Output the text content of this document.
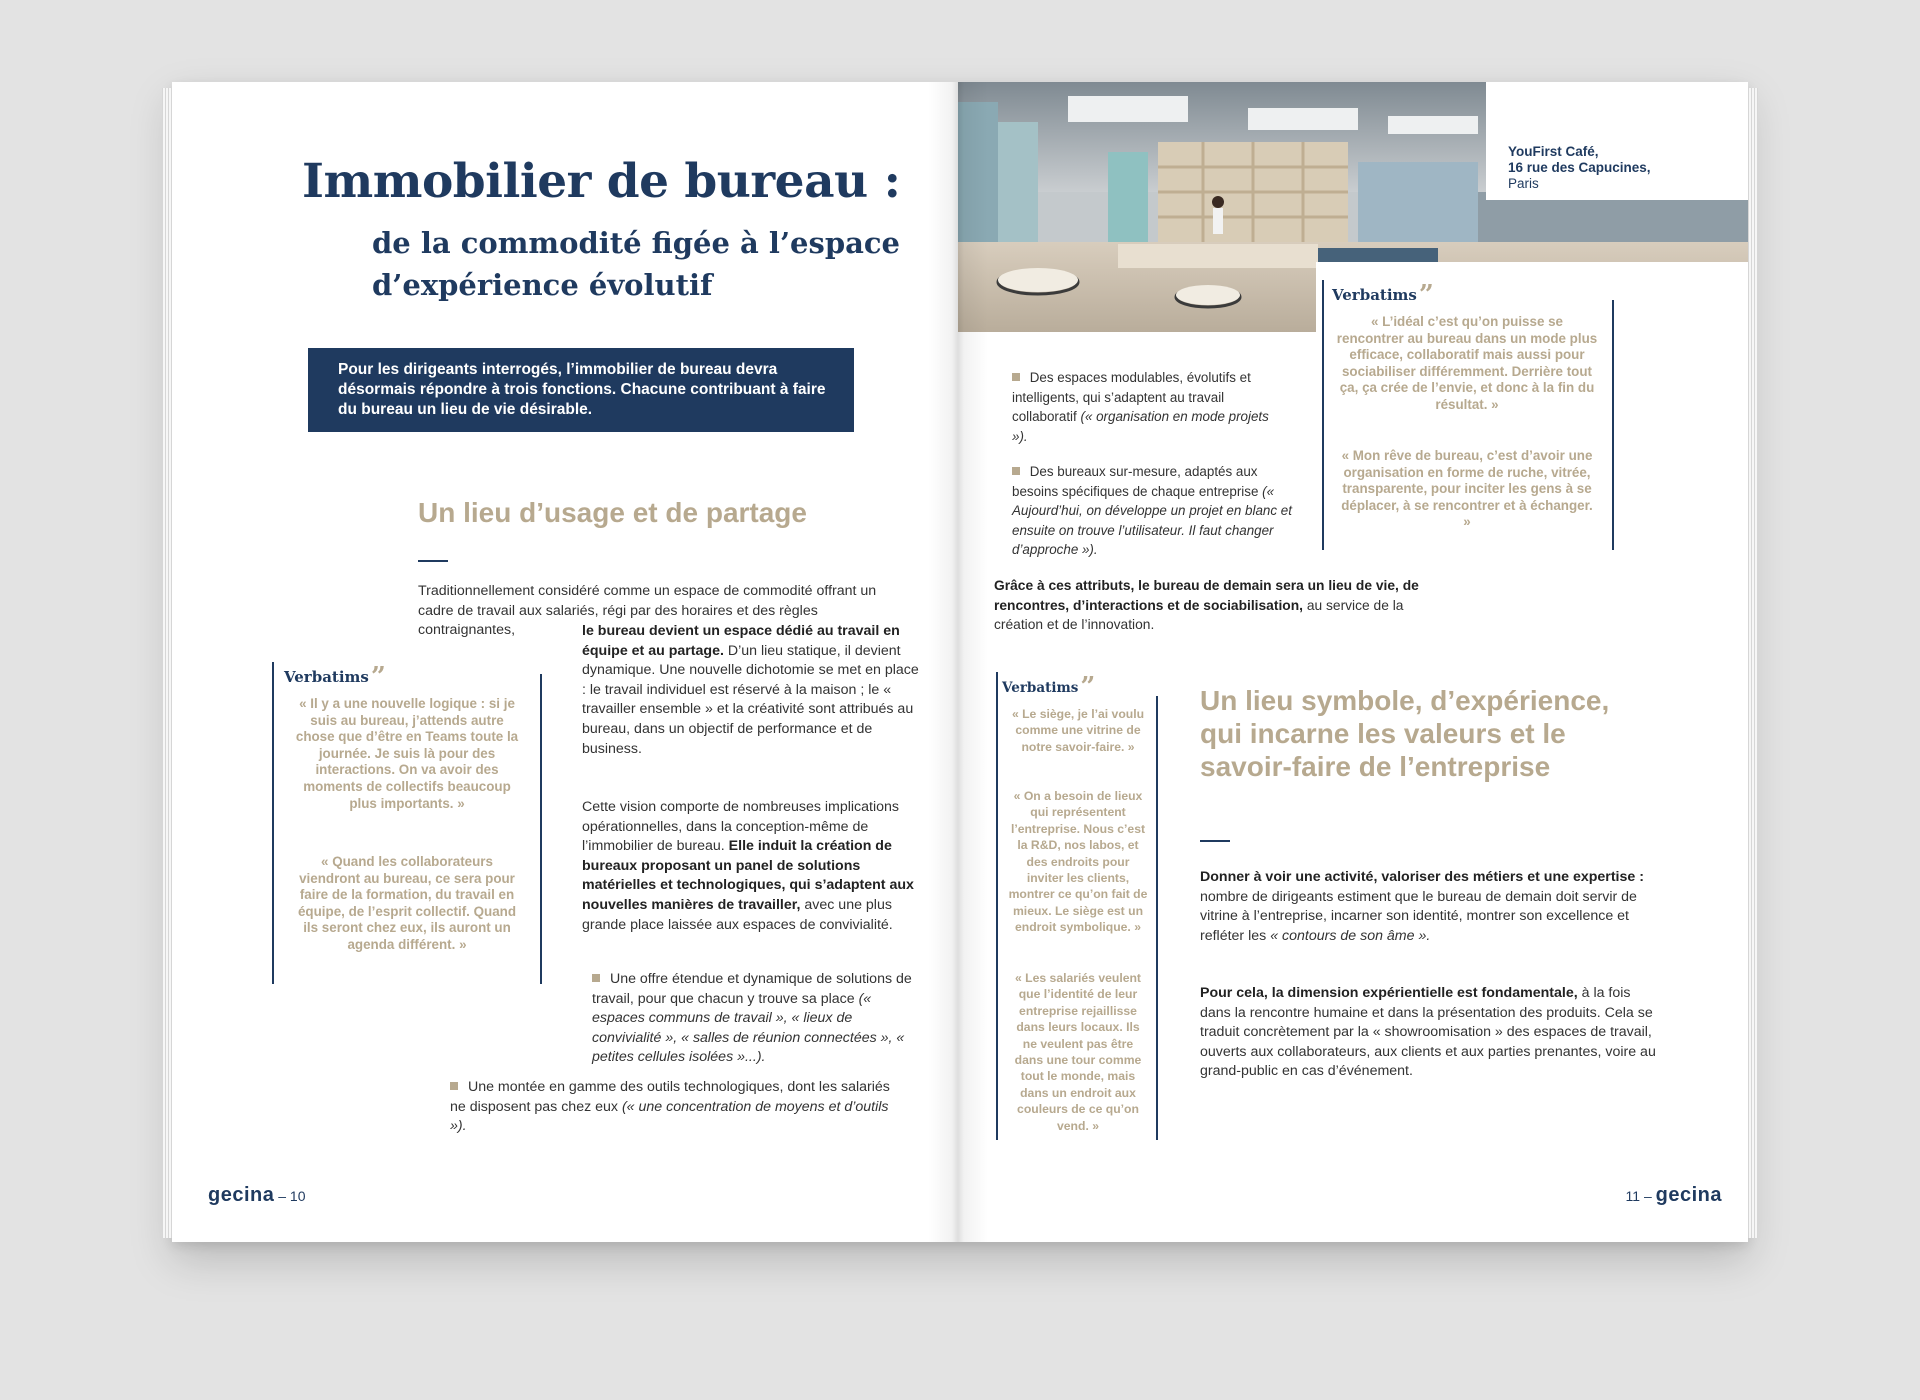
Immobilier de bureau :
de la commodité figée à l’espace d’expérience évolutif
Pour les dirigeants interrogés, l’immobilier de bureau devra désormais répondre à trois fonctions. Chacune contribuant à faire du bureau un lieu de vie désirable.
Un lieu d’usage et de partage

Traditionnellement considéré comme un espace de commodité offrant un cadre de travail aux salariés, régi par des horaires et des règles contraignantes,	le bureau devient un espace dédié au travail en équipe et au partage. D’un lieu statique, il devient dynamique. Une nouvelle dichotomie se met en place : le travail individuel est réservé à la maison ; le « travailler ensemble » et la créativité sont attribués au bureau, dans un objectif de performance et de business.

Cette vision comporte de nombreuses implications opérationnelles, dans la conception-même de l’immobilier de bureau. Elle induit la création de bureaux proposant un panel de solutions matérielles et technologiques, qui s’adaptent aux nouvelles manières de travailler, avec une plus grande place laissée aux espaces de convivialité.

Une offre étendue et dynamique de solutions de travail, pour que chacun y trouve sa place (« espaces communs de travail », « lieux de convivialité », « salles de réunion connectées », « petites cellules isolées »...).

Une montée en gamme des outils technologiques, dont les salariés ne disposent pas chez eux (« une concentration de moyens et d’outils »).

Verbatims”

« Il y a une nouvelle logique : si je suis au bureau, j’attends autre chose que d’être en Teams toute la journée. Je suis là pour des interactions. On va avoir des moments de collectifs beaucoup plus importants. »

« Quand les collaborateurs viendront au bureau, ce sera pour faire de la formation, du travail en équipe, de l’esprit collectif. Quand ils seront chez eux, ils auront un agenda différent. »

gecina – 10
YouFirst Café,
16 rue des Capucines,
Paris
Verbatims”

« L’idéal c’est qu’on puisse se rencontrer au bureau dans un mode plus efficace, collaboratif mais aussi pour sociabiliser différemment. Derrière tout ça, ça crée de l’envie, et donc à la fin du résultat. »

« Mon rêve de bureau, c’est d’avoir une organisation en forme de ruche, vitrée, transparente, pour inciter les gens à se déplacer, à se rencontrer et à échanger. »

Des espaces modulables, évolutifs et intelligents, qui s’adaptent au travail collaboratif (« organisation en mode projets »).

Des bureaux sur-mesure, adaptés aux besoins spécifiques de chaque entreprise (« Aujourd’hui, on développe un projet en blanc et ensuite on trouve l’utilisateur. Il faut changer d’approche »).

Grâce à ces attributs, le bureau de demain sera un lieu de vie, de rencontres, d’interactions et de sociabilisation, au service de la création et de l’innovation.

Verbatims”

« Le siège, je l’ai voulu comme une vitrine de notre savoir-faire. »

« On a besoin de lieux qui représentent l’entreprise. Nous c’est la R&D, nos labos, et des endroits pour inviter les clients, montrer ce qu’on fait de mieux. Le siège est un endroit symbolique. »

« Les salariés veulent que l’identité de leur entreprise rejaillisse dans leurs locaux. Ils ne veulent pas être dans une tour comme tout le monde, mais dans un endroit aux couleurs de ce qu’on vend. »

Un lieu symbole, d’expérience, qui incarne les valeurs et le savoir-faire de l’entreprise

Donner à voir une activité, valoriser des métiers et une expertise : nombre de dirigeants estiment que le bureau de demain doit servir de vitrine à l’entreprise, incarner son identité, montrer son excellence et refléter les « contours de son âme ».

Pour cela, la dimension expérientielle est fondamentale, à la fois dans la rencontre humaine et dans la présentation des produits. Cela se traduit concrètement par la « showroomisation » des espaces de travail, ouverts aux collaborateurs, aux clients et aux parties prenantes, voire au grand-public en cas d’événement.

11 – gecina
